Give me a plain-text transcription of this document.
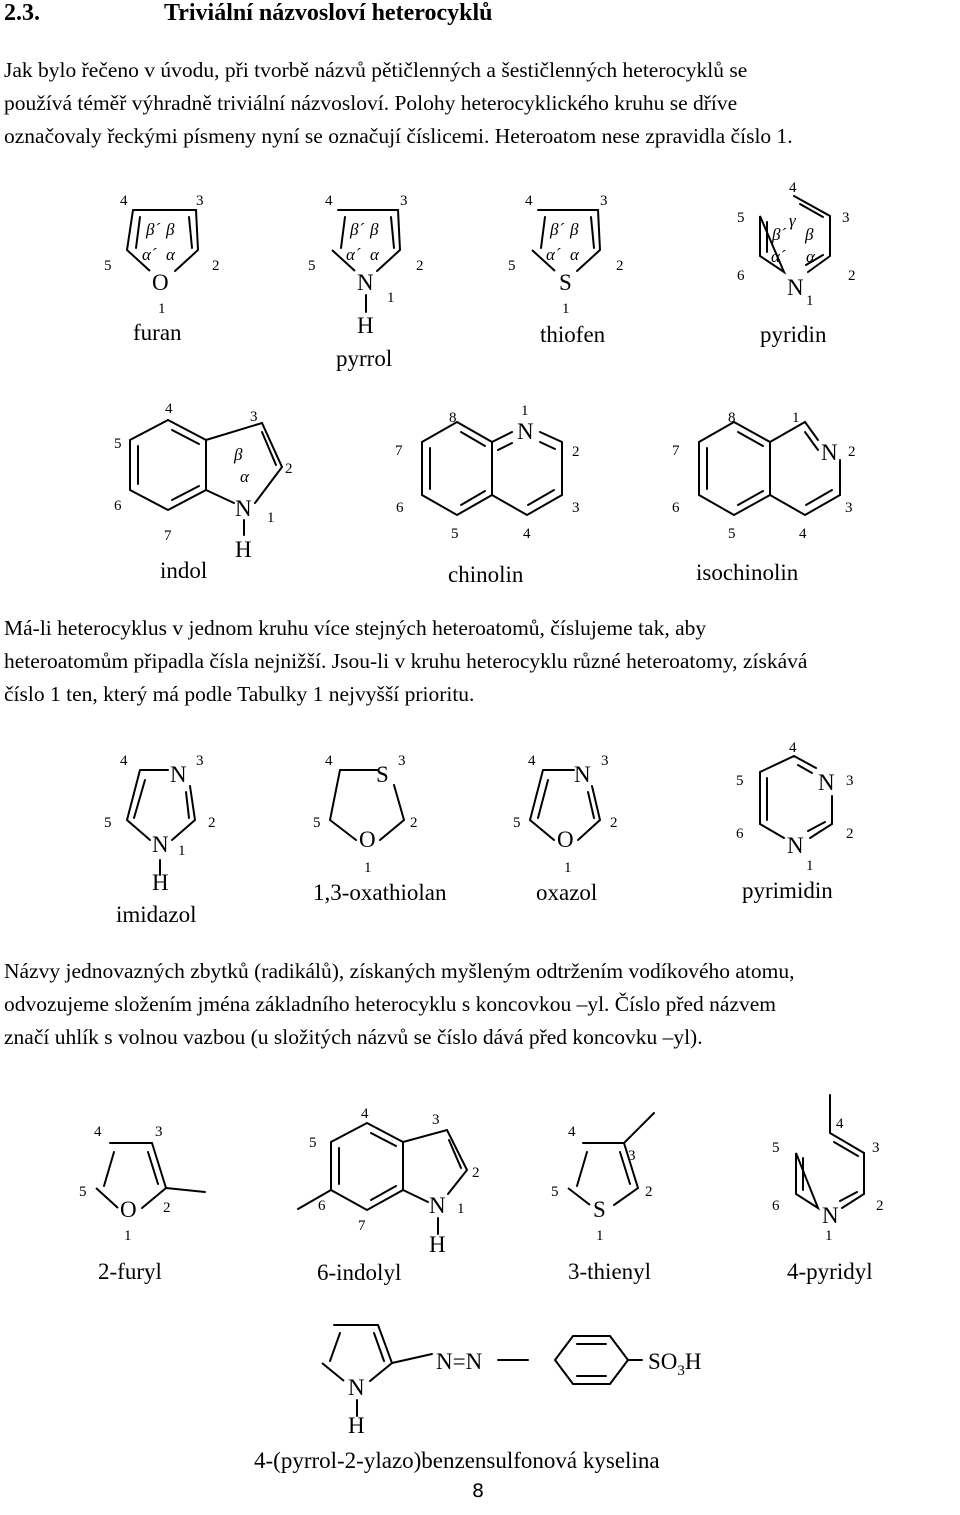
2.3.	Triviální názvosloví heterocyklů
Jak bylo řečeno v úvodu, při tvorbě názvů pětičlenných a šestičlenných heterocyklů se
používá téměř výhradně triviální názvosloví. Polohy heterocyklického kruhu se dříve
označovaly řeckými písmeny nyní se označují číslicemi. Heteroatom nese zpravidla číslo 1.
4	3
5	2
1
β´ β
α´ α
O
furan
4	3
5	2
1
β´ β
α´ α
N
H
pyrrol
4	3
5	2
1
β´ β
α´ α
S
thiofen
4
3
5
6	2
1
γ
β´ β
α´ α
N
pyridin
4	3
5
6
7
2
1
β
α
N
H
indol
8	1
7	2
6	3
5	4
N
chinolin
8	1
7	2
6	3
5	4
N
isochinolin
Má-li heterocyklus v jednom kruhu více stejných heteroatomů, číslujeme tak, aby
heteroatomům připadla čísla nejnižší. Jsou-li v kruhu heterocyklu různé heteroatomy, získává
číslo 1 ten, který má podle Tabulky 1 nejvyšší prioritu.
4	3
5	2
1
N
N
H
imidazol
4	3
5	2
1
S
O
1,3-oxathiolan
4	3
5	2
1
N
O
oxazol
4
3
5
6	2
1
N
N
pyrimidin
Názvy jednovazných zbytků (radikálů), získaných myšleným odtržením vodíkového atomu,
odvozujeme složením jména základního heterocyklu s koncovkou –yl. Číslo před názvem
značí uhlík s volnou vazbou (u složitých názvů se číslo dává před koncovku –yl).
4	3
5
2
1
O
2-furyl
4	3
5
2
6
7
1
N
H
6-indolyl
4
3
5	2
1
S
3-thienyl
4
3
5
6	2
1
N
4-pyridyl
N
H
N=N	$SO_3H$
4-(pyrrol-2-ylazo)benzensulfonová kyselina
8
